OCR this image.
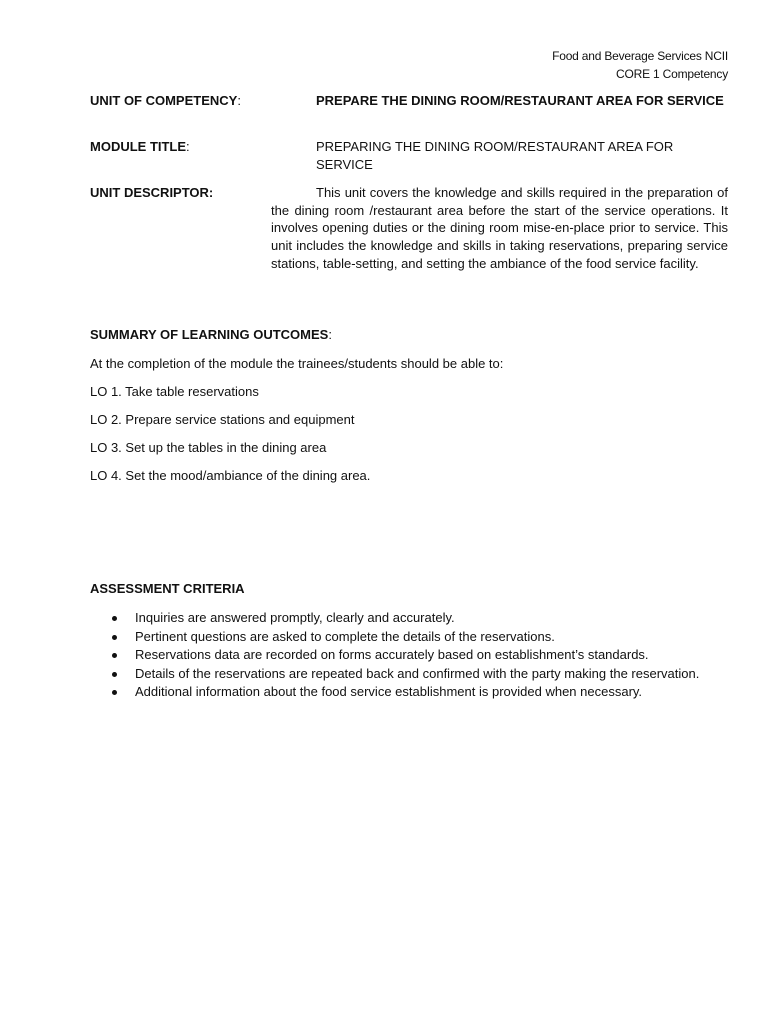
Food and Beverage Services NCII
CORE 1 Competency
UNIT OF COMPETENCY:	PREPARE THE DINING ROOM/RESTAURANT AREA FOR SERVICE
MODULE TITLE:	PREPARING THE DINING ROOM/RESTAURANT AREA FOR SERVICE
UNIT DESCRIPTOR:	This unit covers the knowledge and skills required in the preparation of the dining room /restaurant area before the start of the service operations. It involves opening duties or the dining room mise-en-place prior to service. This unit includes the knowledge and skills in taking reservations, preparing service stations, table-setting, and setting the ambiance of the food service facility.
SUMMARY OF LEARNING OUTCOMES:
At the completion of the module the trainees/students should be able to:
LO 1. Take table reservations
LO 2. Prepare service stations and equipment
LO 3. Set up the tables in the dining area
LO 4. Set the mood/ambiance of the dining area.
ASSESSMENT CRITERIA
Inquiries are answered promptly, clearly and accurately.
Pertinent questions are asked to complete the details of the reservations.
Reservations data are recorded on forms accurately based on establishment’s standards.
Details of the reservations are repeated back and confirmed with the party making the reservation.
Additional information about the food service establishment is provided when necessary.
